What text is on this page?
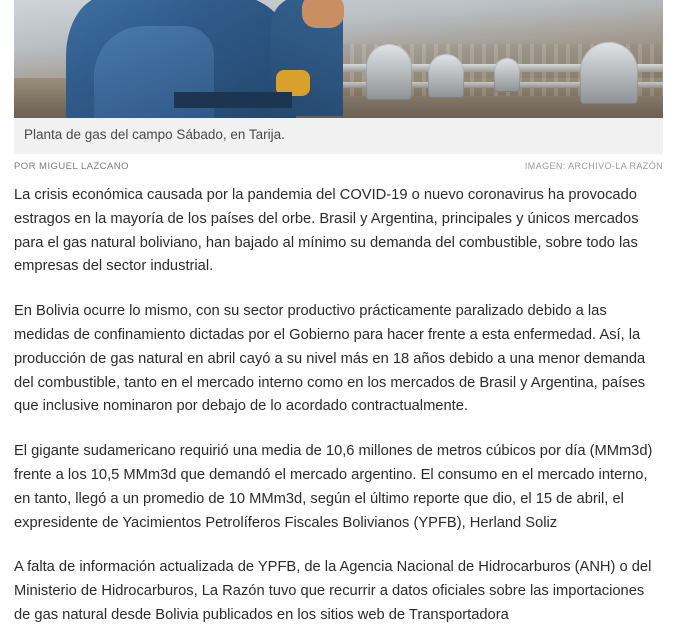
Planta de gas del campo Sábado, en Tarija.
POR MIGUEL LAZCANO	IMAGEN: ARCHIVO-LA RAZÓN

La crisis económica causada por la pandemia del COVID-19 o nuevo coronavirus ha provocado estragos en la mayoría de los países del orbe. Brasil y Argentina, principales y únicos mercados para el gas natural boliviano, han bajado al mínimo su demanda del combustible, sobre todo las empresas del sector industrial.

En Bolivia ocurre lo mismo, con su sector productivo prácticamente paralizado debido a las medidas de confinamiento dictadas por el Gobierno para hacer frente a esta enfermedad. Así, la producción de gas natural en abril cayó a su nivel más en 18 años debido a una menor demanda del combustible, tanto en el mercado interno como en los mercados de Brasil y Argentina, países que inclusive nominaron por debajo de lo acordado contractualmente.

El gigante sudamericano requirió una media de 10,6 millones de metros cúbicos por día (MMm3d) frente a los 10,5 MMm3d que demandó el mercado argentino. El consumo en el mercado interno, en tanto, llegó a un promedio de 10 MMm3d, según el último reporte que dio, el 15 de abril, el expresidente de Yacimientos Petrolíferos Fiscales Bolivianos (YPFB), Herland Soliz

A falta de información actualizada de YPFB, de la Agencia Nacional de Hidrocarburos (ANH) o del Ministerio de Hidrocarburos, La Razón tuvo que recurrir a datos oficiales sobre las importaciones de gas natural desde Bolivia publicados en los sitios web de Transportadora
